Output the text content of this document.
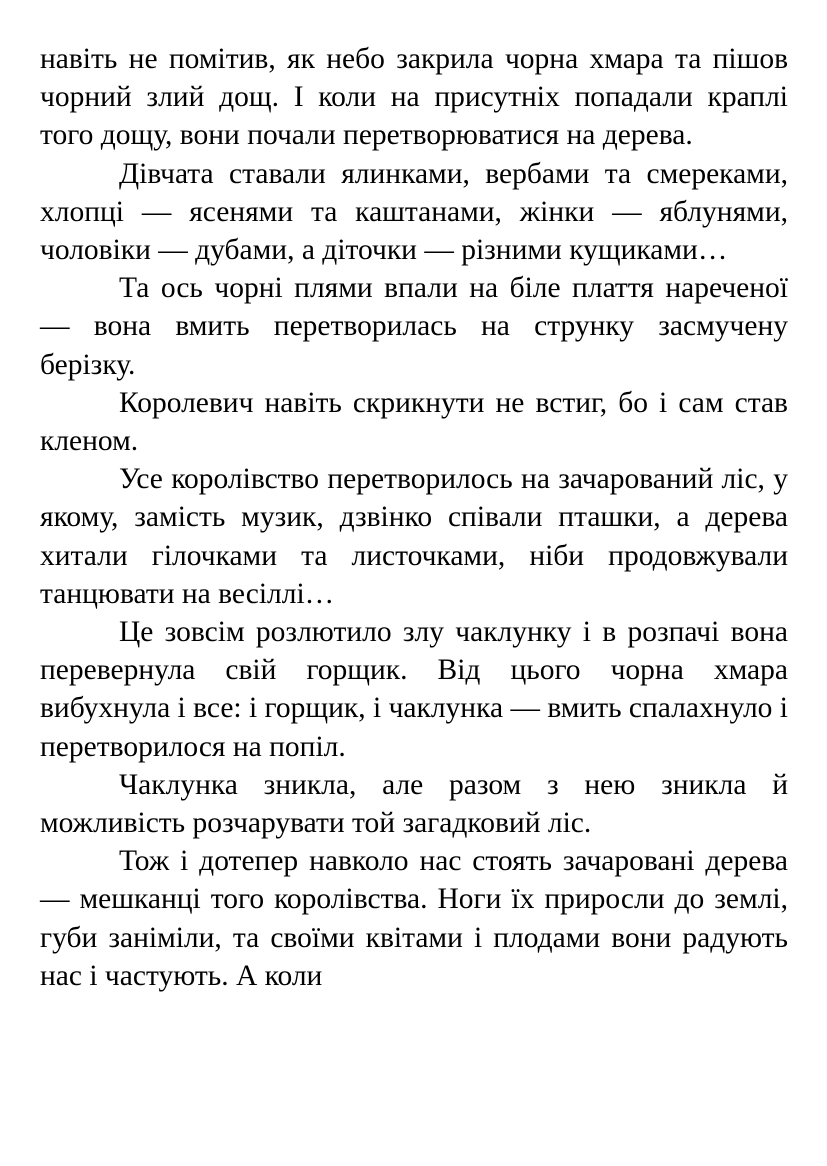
навіть не помітив, як небо закрила чорна хмара та пішов чорний злий дощ. І коли на присутніх попадали краплі того дощу, вони почали перетворюватися на дерева.

Дівчата ставали ялинками, вербами та смереками, хлопці — ясенями та каштанами, жінки — яблунями, чоловіки — дубами, а діточки — різними кущиками…

Та ось чорні плями впали на біле плаття нареченої — вона вмить перетворилась на струнку засмучену берізку.

Королевич навіть скрикнути не встиг, бо і сам став кленом.

Усе королівство перетворилось на зачарований ліс, у якому, замість музик, дзвінко співали пташки, а дерева хитали гілочками та листочками, ніби продовжували танцювати на весіллі…

Це зовсім розлютило злу чаклунку і в розпачі вона перевернула свій горщик. Від цього чорна хмара вибухнула і все: і горщик, і чаклунка — вмить спалахнуло і перетворилося на попіл.

Чаклунка зникла, але разом з нею зникла й можливість розчарувати той загадковий ліс.

Тож і дотепер навколо нас стоять зачаровані дерева — мешканці того королівства. Ноги їх приросли до землі, губи заніміли, та своїми квітами і плодами вони радують нас і частують. А коли
